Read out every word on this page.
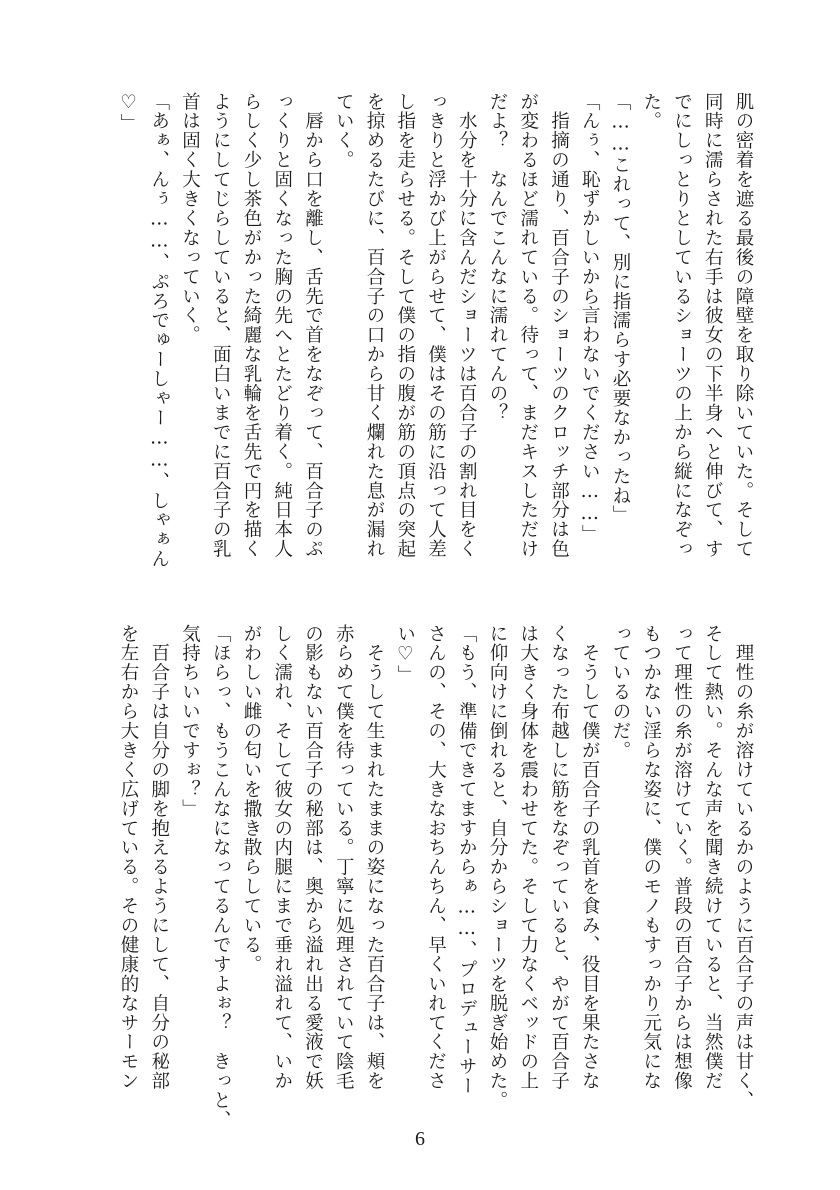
肌の密着を遮る最後の障壁を取り除いていた。そして
同時に濡らされた右手は彼女の下半身へと伸びて、す
でにしっとりとしているショーツの上から縦になぞっ
た。
「……これって、別に指濡らす必要なかったね」
「んぅ、恥ずかしいから言わないでください……」
　指摘の通り、百合子のショーツのクロッチ部分は色
が変わるほど濡れている。待って、まだキスしただけ
だよ？　なんでこんなに濡れてんの？
　水分を十分に含んだショーツは百合子の割れ目をく
っきりと浮かび上がらせて、僕はその筋に沿って人差
し指を走らせる。そして僕の指の腹が筋の頂点の突起
を掠めるたびに、百合子の口から甘く爛れた息が漏れ
ていく。
　唇から口を離し、舌先で首をなぞって、百合子のぷ
っくりと固くなった胸の先へとたどり着く。純日本人
らしく少し茶色がかった綺麗な乳輪を舌先で円を描く
ようにしてじらしていると、面白いまでに百合子の乳
首は固く大きくなっていく。
「あぁ、んぅ……、ぷろでゅーしゃー……、しゃぁん
♡」
　理性の糸が溶けているかのように百合子の声は甘く、
そして熱い。そんな声を聞き続けていると、当然僕だ
って理性の糸が溶けていく。普段の百合子からは想像
もつかない淫らな姿に、僕のモノもすっかり元気にな
っているのだ。
　そうして僕が百合子の乳首を食み、役目を果たさな
くなった布越しに筋をなぞっていると、やがて百合子
は大きく身体を震わせてた。そして力なくベッドの上
に仰向けに倒れると、自分からショーツを脱ぎ始めた。
「もう、準備できてますからぁ……、プロデューサー
さんの、その、大きなおちんちん、早くいれてくださ
い♡」
　そうして生まれたままの姿になった百合子は、頬を
赤らめて僕を待っている。丁寧に処理されていて陰毛
の影もない百合子の秘部は、奥から溢れ出る愛液で妖
しく濡れ、そして彼女の内腿にまで垂れ溢れて、いか
がわしい雌の匂いを撒き散らしている。
「ほらっ、もうこんなになってるんですよぉ？　きっと、
気持ちいいですぉ？」
　百合子は自分の脚を抱えるようにして、自分の秘部
を左右から大きく広げている。その健康的なサーモン
6
